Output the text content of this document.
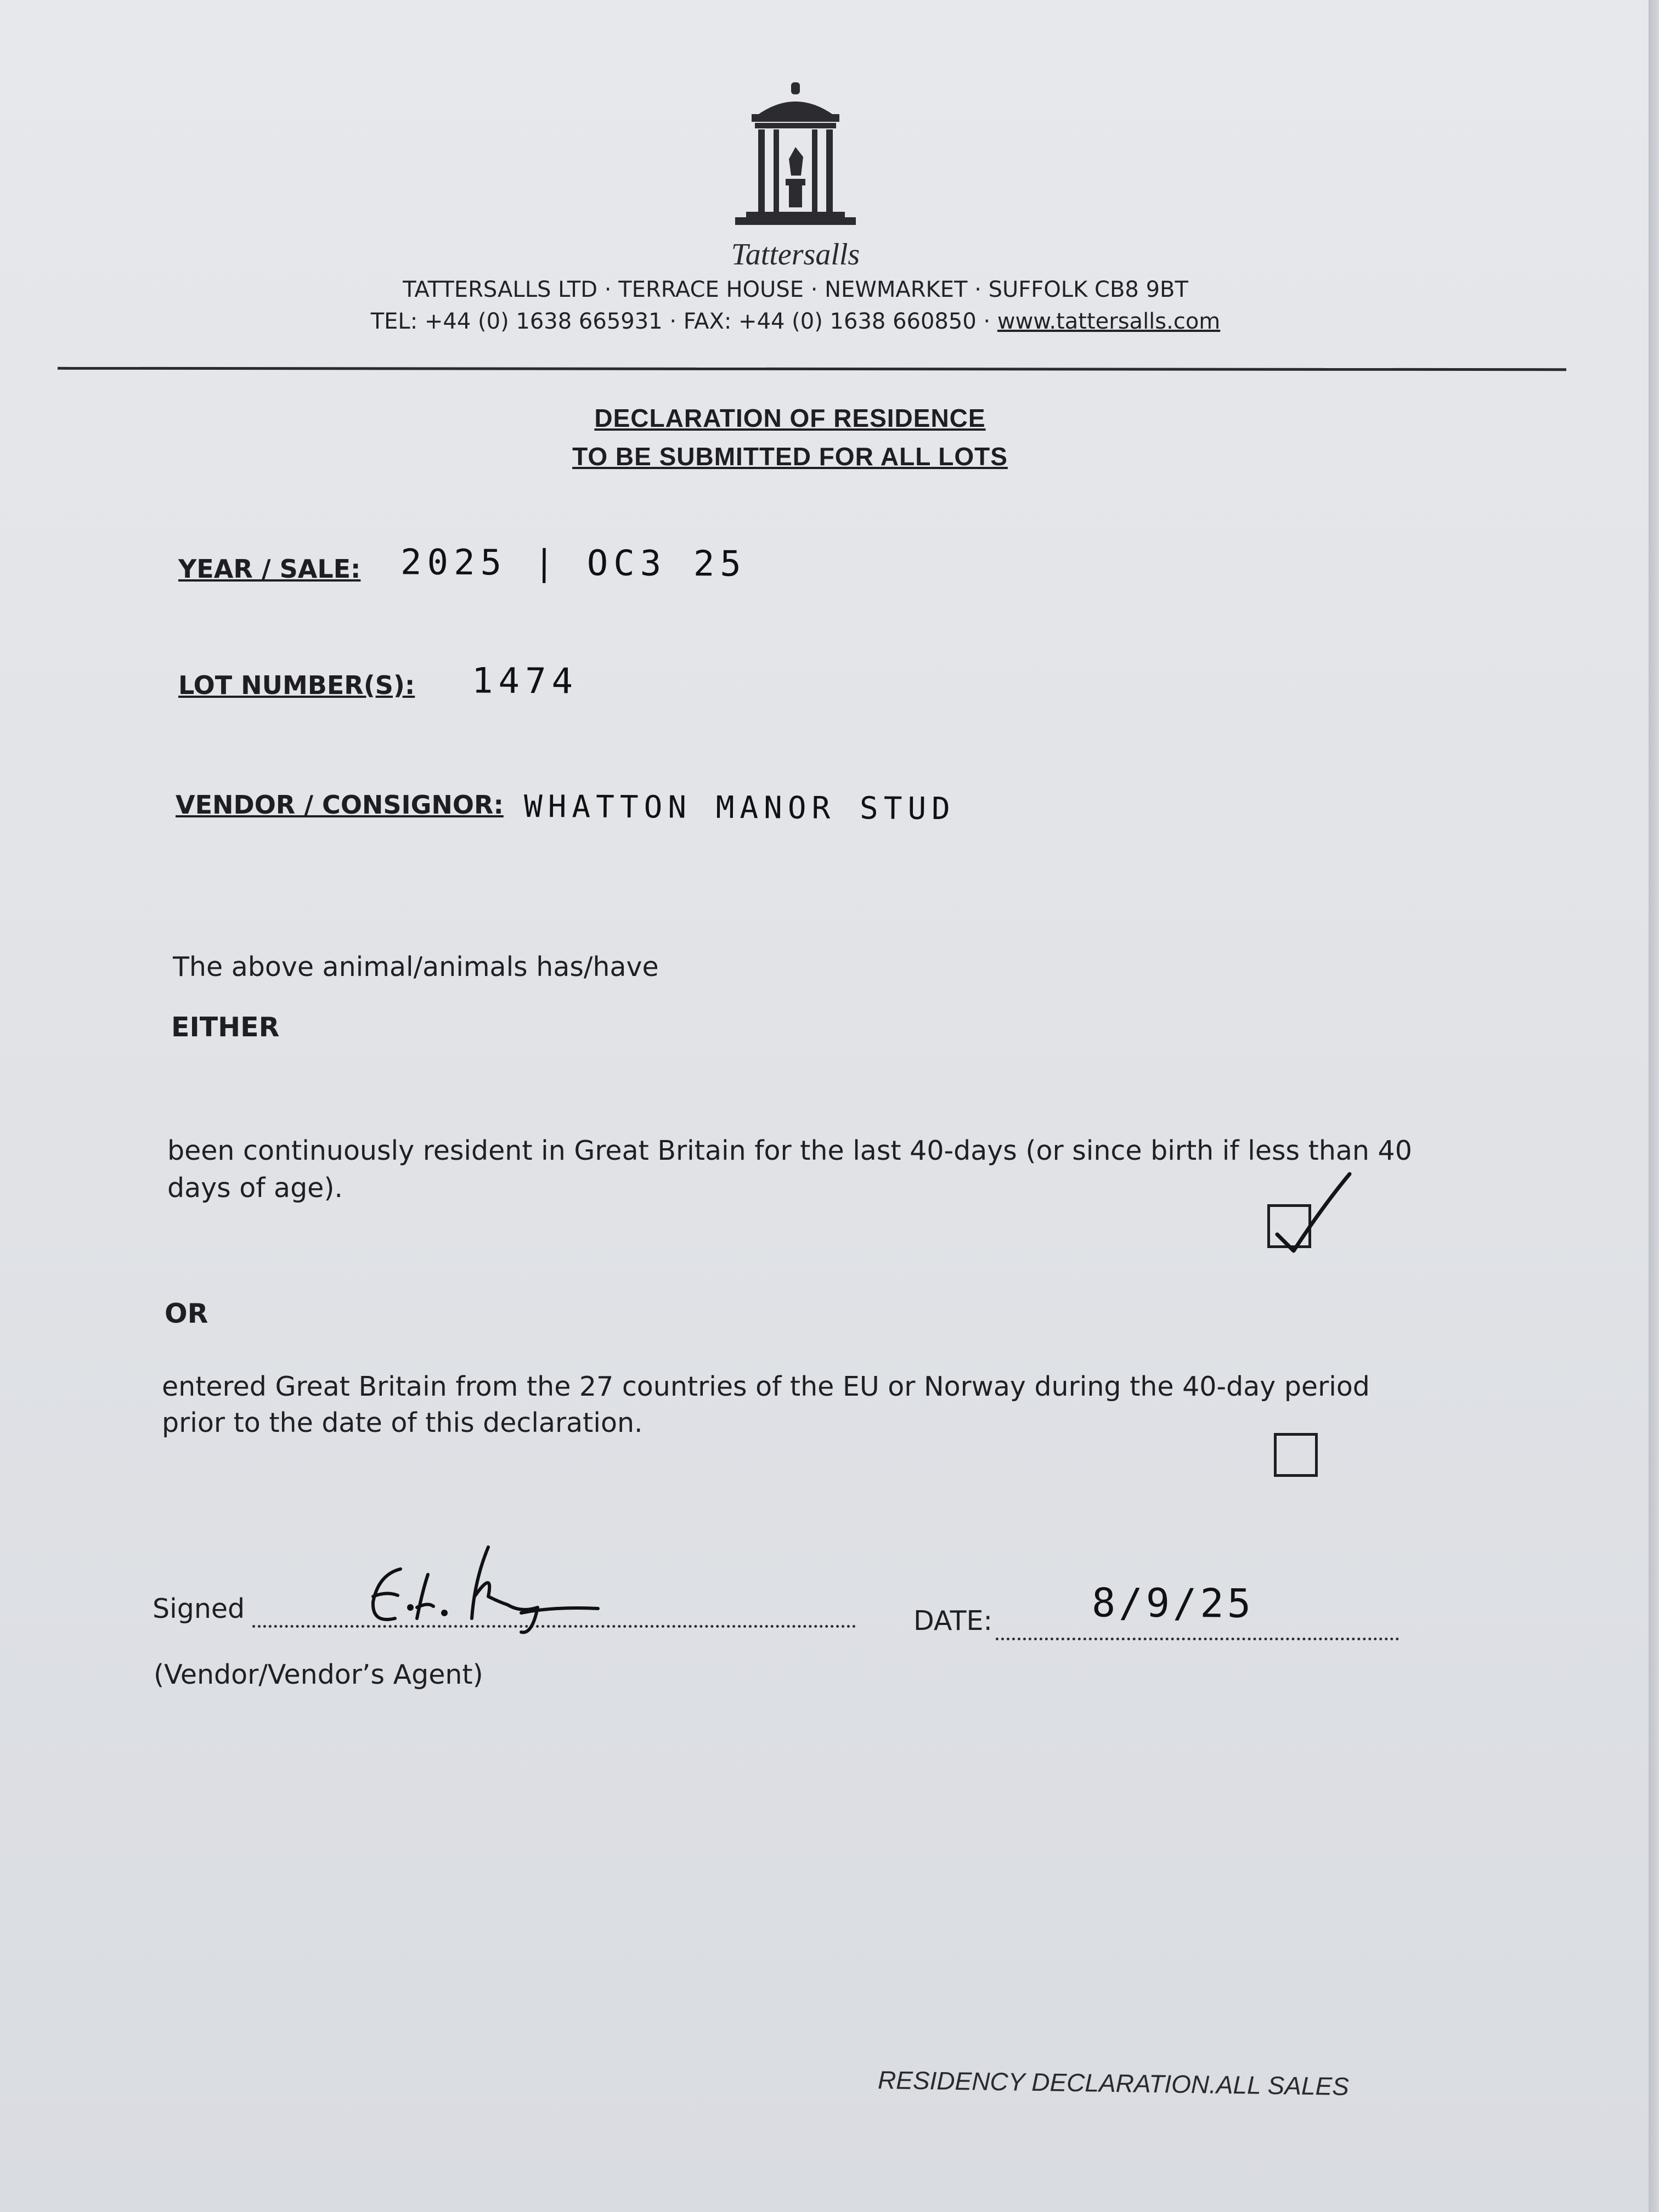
Tattersalls
TATTERSALLS LTD · TERRACE HOUSE · NEWMARKET · SUFFOLK CB8 9BT
TEL: +44 (0) 1638 665931 · FAX: +44 (0) 1638 660850 · www.tattersalls.com
DECLARATION OF RESIDENCE
TO BE SUBMITTED FOR ALL LOTS
YEAR / SALE: 2025 | OC3 25
LOT NUMBER(S): 1474
VENDOR / CONSIGNOR: WHATTON MANOR STUD
The above animal/animals has/have
EITHER
been continuously resident in Great Britain for the last 40-days (or since birth if less than 40
days of age).
OR
entered Great Britain from the 27 countries of the EU or Norway during the 40-day period
prior to the date of this declaration.
Signed
(Vendor/Vendor’s Agent)
DATE:	8/9/25
RESIDENCY DECLARATION.ALL SALES
